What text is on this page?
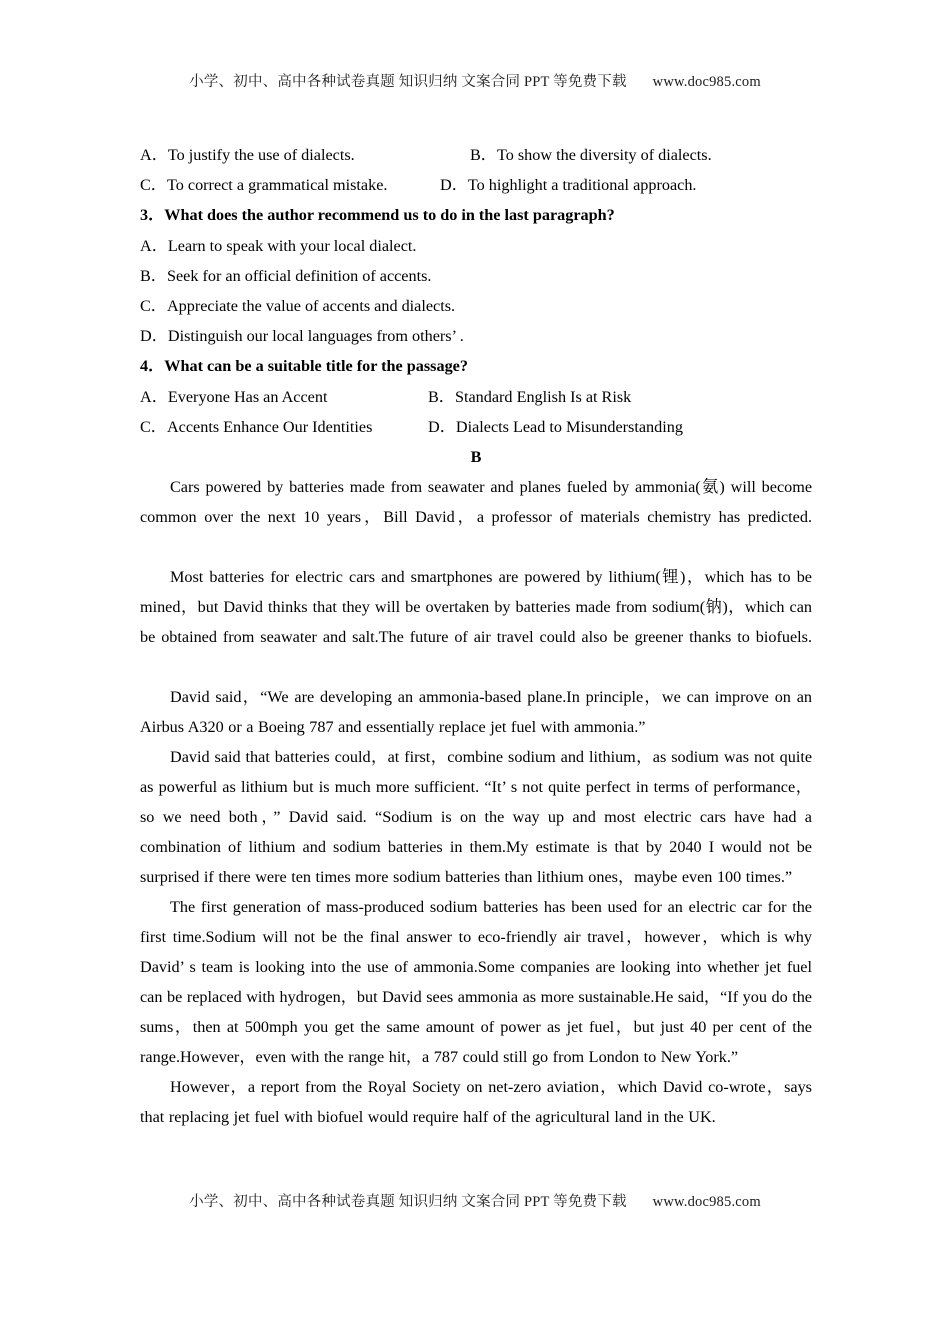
小学、初中、高中各种试卷真题 知识归纳 文案合同 PPT 等免费下载 www.doc985.com
A．To justify the use of dialects.	B．To show the diversity of dialects.
C．To correct a grammatical mistake.	D．To highlight a traditional approach.
3．What does the author recommend us to do in the last paragraph?
A．Learn to speak with your local dialect.
B．Seek for an official definition of accents.
C．Appreciate the value of accents and dialects.
D．Distinguish our local languages from others’ .
4．What can be a suitable title for the passage?
A．Everyone Has an Accent	B．Standard English Is at Risk
C．Accents Enhance Our Identities	D．Dialects Lead to Misunderstanding
B

Cars powered by batteries made from seawater and planes fueled by ammonia(氨) will become common over the next 10 years，Bill David，a professor of materials chemistry has predicted.

Most batteries for electric cars and smartphones are powered by lithium(锂)，which has to be mined，but David thinks that they will be overtaken by batteries made from sodium(钠)，which can be obtained from seawater and salt.The future of air travel could also be greener thanks to biofuels.

David said，“We are developing an ammonia-based plane.In principle，we can improve on an Airbus A320 or a Boeing 787 and essentially replace jet fuel with ammonia.”

David said that batteries could，at first，combine sodium and lithium，as sodium was not quite as powerful as lithium but is much more sufficient. “It’ s not quite perfect in terms of performance，so we need both，” David said. “Sodium is on the way up and most electric cars have had a combination of lithium and sodium batteries in them.My estimate is that by 2040 I would not be surprised if there were ten times more sodium batteries than lithium ones，maybe even 100 times.”

The first generation of mass-produced sodium batteries has been used for an electric car for the first time.Sodium will not be the final answer to eco-friendly air travel，however，which is why David’ s team is looking into the use of ammonia.Some companies are looking into whether jet fuel can be replaced with hydrogen，but David sees ammonia as more sustainable.He said，“If you do the sums，then at 500mph you get the same amount of power as jet fuel，but just 40 per cent of the range.However，even with the range hit，a 787 could still go from London to New York.”

However，a report from the Royal Society on net-zero aviation，which David co-wrote，says that replacing jet fuel with biofuel would require half of the agricultural land in the UK.

小学、初中、高中各种试卷真题 知识归纳 文案合同 PPT 等免费下载 www.doc985.com
